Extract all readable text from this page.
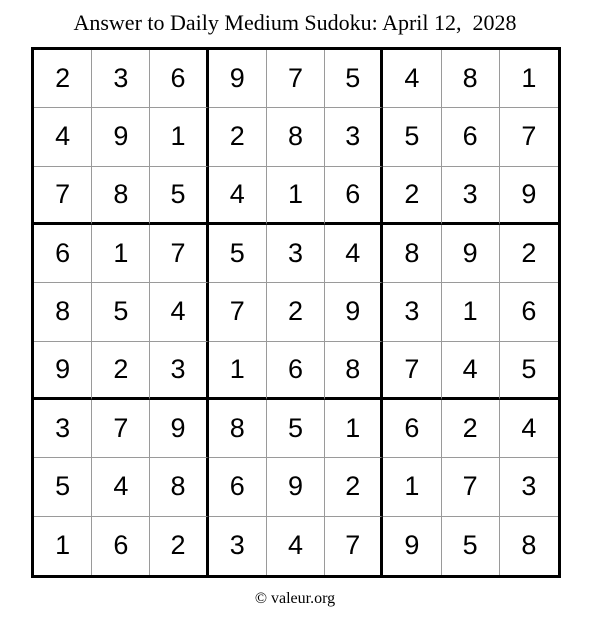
Answer to Daily Medium Sudoku: April 12,  2028
2	3	6	9	7	5	4	8	1
4	9	1	2	8	3	5	6	7
7	8	5	4	1	6	2	3	9
6	1	7	5	3	4	8	9	2
8	5	4	7	2	9	3	1	6
9	2	3	1	6	8	7	4	5
3	7	9	8	5	1	6	2	4
5	4	8	6	9	2	1	7	3
1	6	2	3	4	7	9	5	8
© valeur.org
